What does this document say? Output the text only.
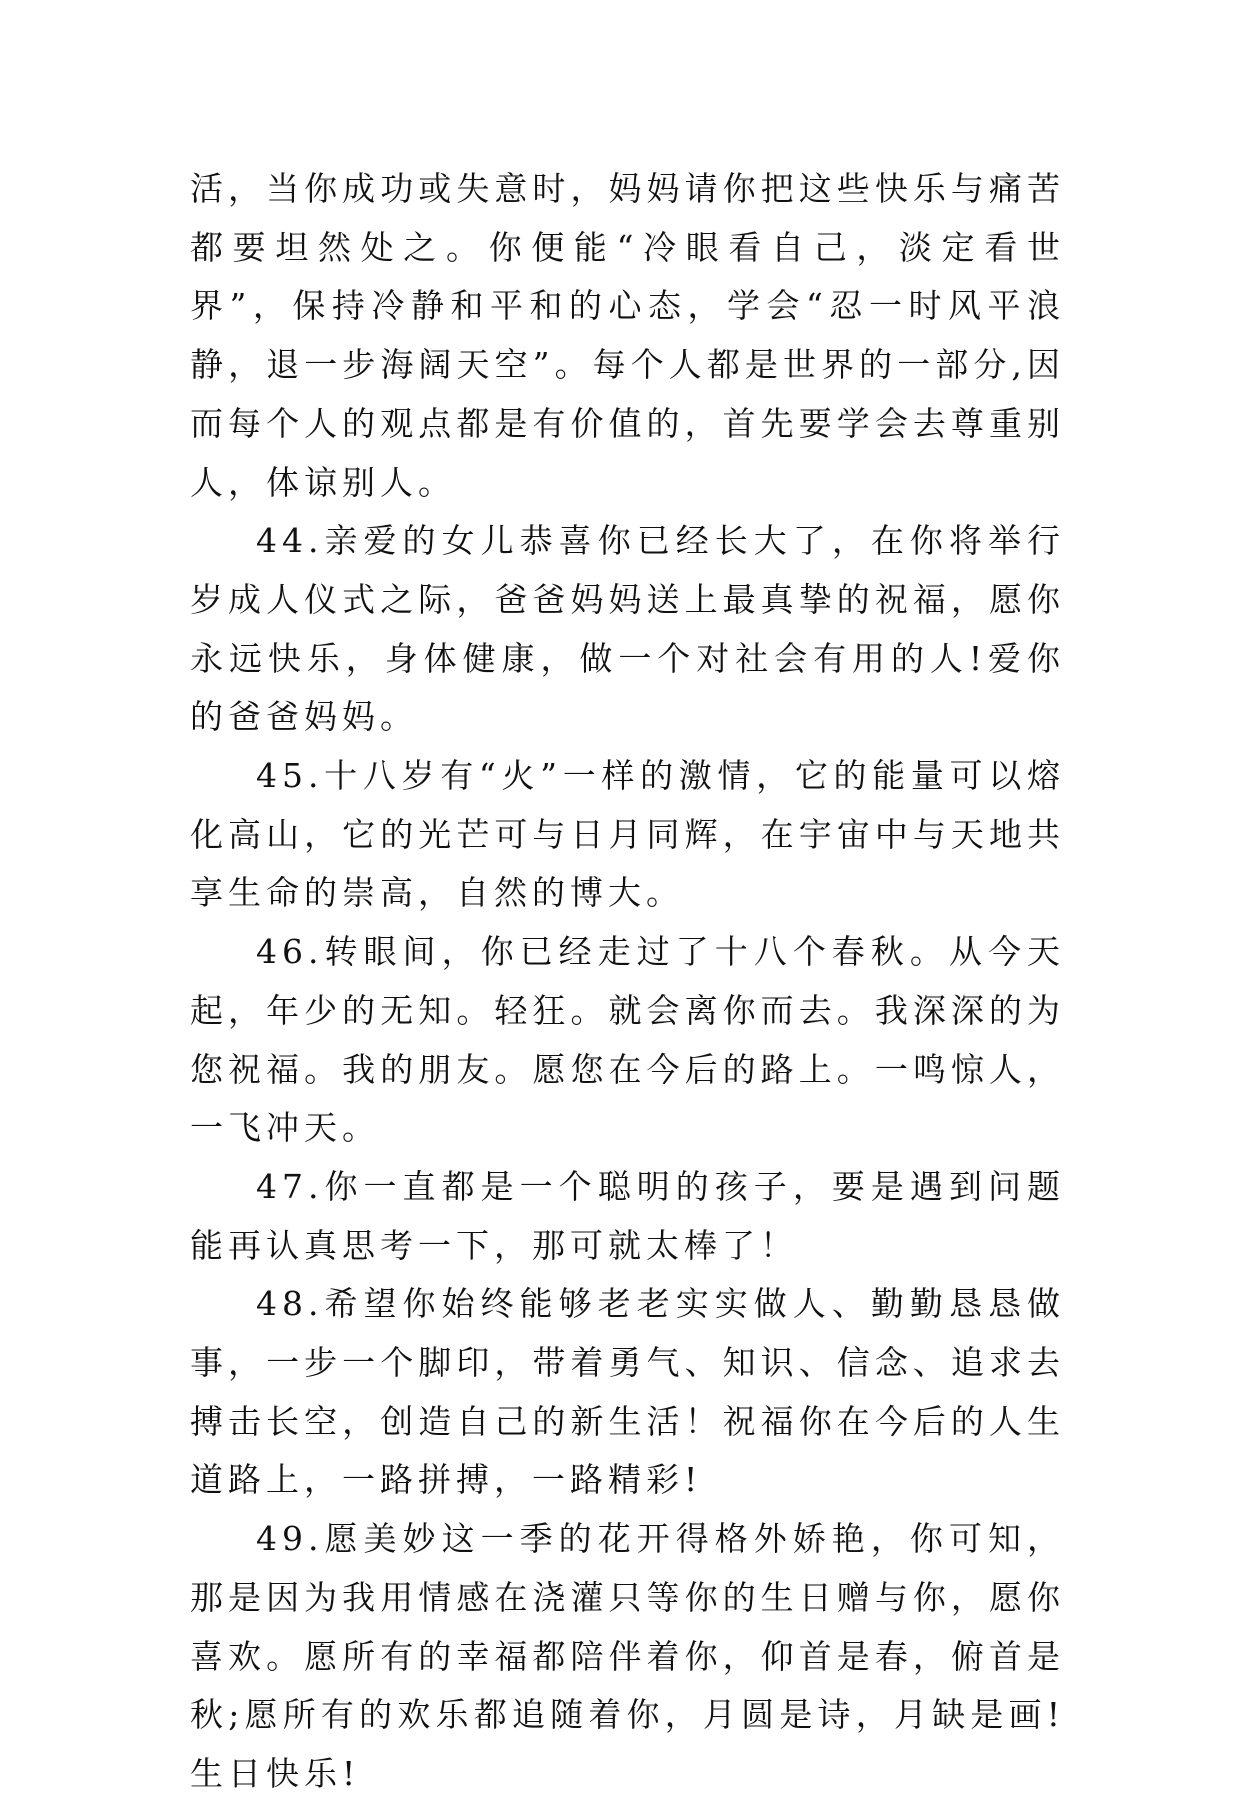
活，当你成功或失意时，妈妈请你把这些快乐与痛苦都要坦然处之。你便能“冷眼看自己，淡定看世界”，保持冷静和平和的心态，学会“忍一时风平浪静，退一步海阔天空”。每个人都是世界的一部分,因而每个人的观点都是有价值的，首先要学会去尊重别人，体谅别人。

44.亲爱的女儿恭喜你已经长大了，在你将举行岁成人仪式之际，爸爸妈妈送上最真挚的祝福，愿你永远快乐，身体健康，做一个对社会有用的人!爱你的爸爸妈妈。

45.十八岁有“火”一样的激情，它的能量可以熔化高山，它的光芒可与日月同辉，在宇宙中与天地共享生命的崇高，自然的博大。

46.转眼间，你已经走过了十八个春秋。从今天起，年少的无知。轻狂。就会离你而去。我深深的为您祝福。我的朋友。愿您在今后的路上。一鸣惊人，一飞冲天。

47.你一直都是一个聪明的孩子，要是遇到问题能再认真思考一下，那可就太棒了！

48.希望你始终能够老老实实做人、勤勤恳恳做事，一步一个脚印，带着勇气、知识、信念、追求去搏击长空，创造自己的新生活！祝福你在今后的人生道路上，一路拼搏，一路精彩!

49.愿美妙这一季的花开得格外娇艳，你可知，那是因为我用情感在浇灌只等你的生日赠与你，愿你喜欢。愿所有的幸福都陪伴着你，仰首是春，俯首是秋;愿所有的欢乐都追随着你，月圆是诗，月缺是画!生日快乐!
